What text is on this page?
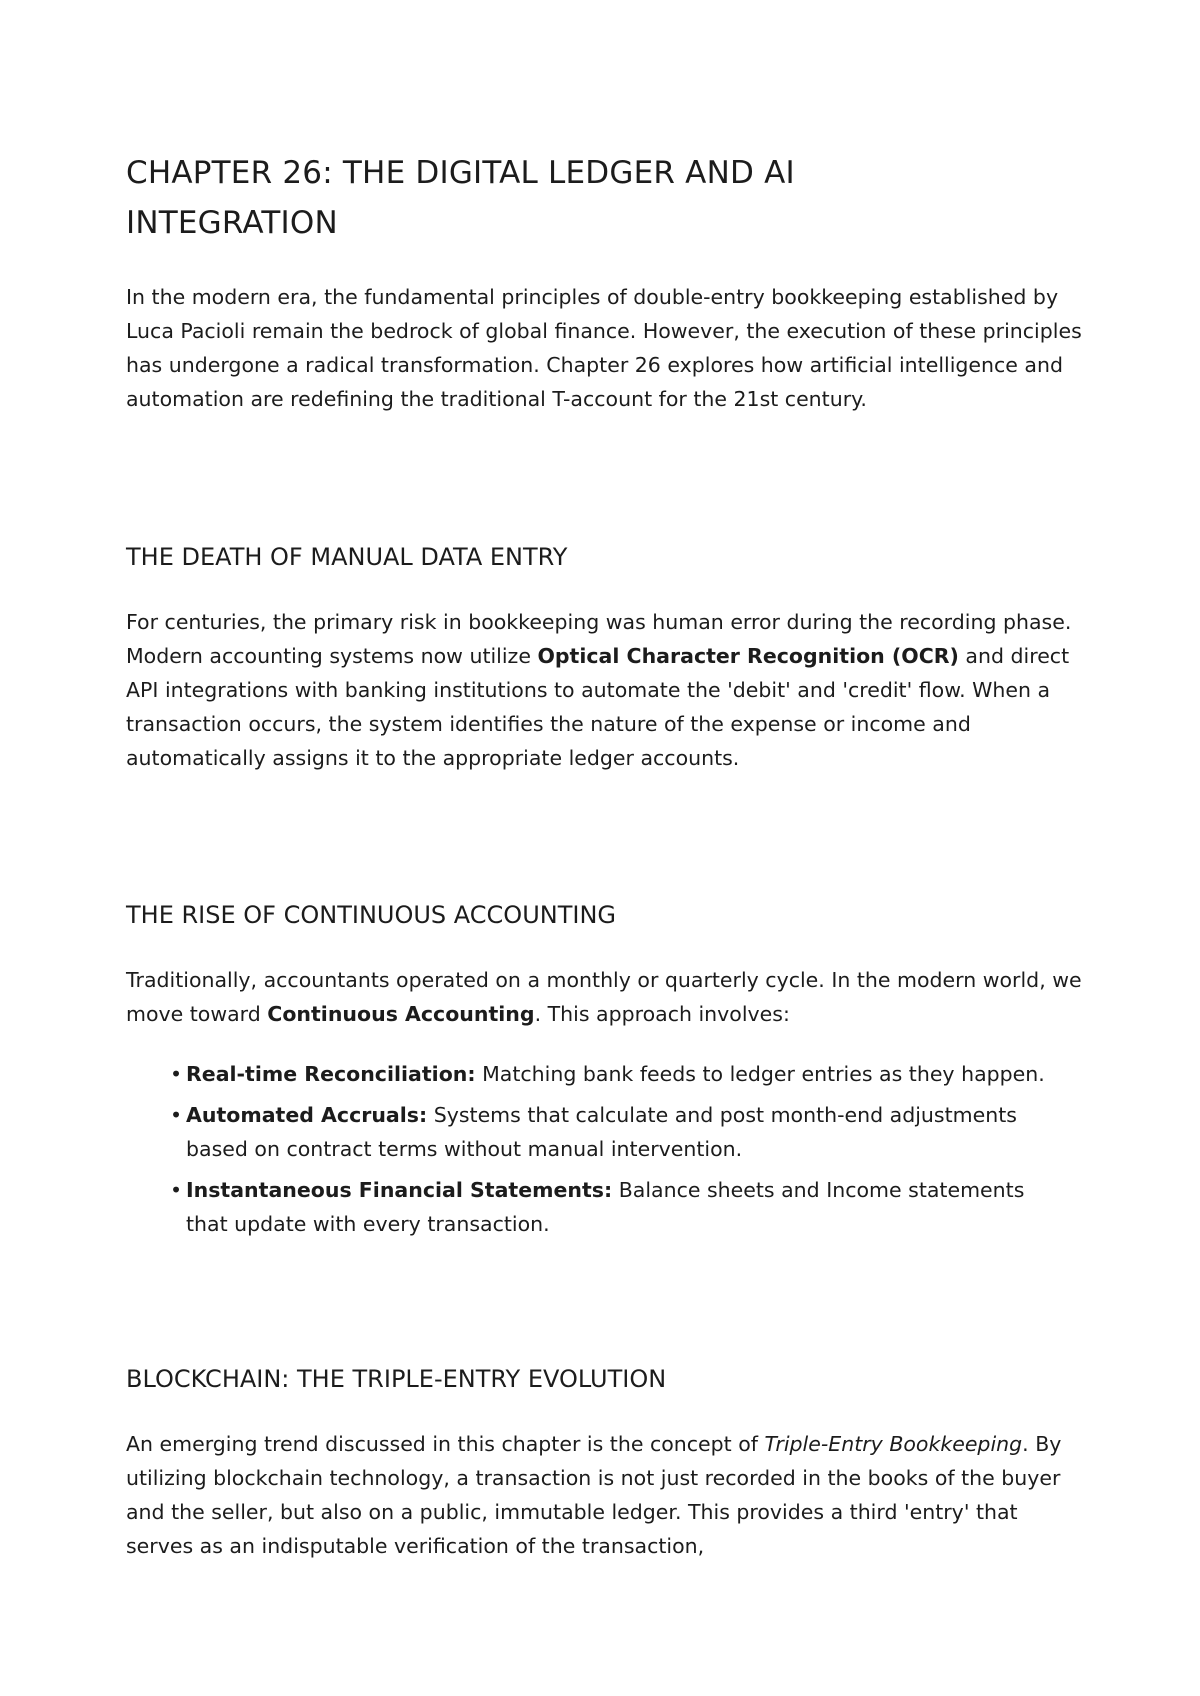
CHAPTER 26: THE DIGITAL LEDGER AND AI
INTEGRATION

In the modern era, the fundamental principles of double-entry bookkeeping established by Luca Pacioli remain the bedrock of global finance. However, the execution of these principles has undergone a radical transformation. Chapter 26 explores how artificial intelligence and automation are redefining the traditional T-account for the 21st century.

THE DEATH OF MANUAL DATA ENTRY

For centuries, the primary risk in bookkeeping was human error during the recording phase. Modern accounting systems now utilize Optical Character Recognition (OCR) and direct API integrations with banking institutions to automate the 'debit' and 'credit' flow. When a transaction occurs, the system identifies the nature of the expense or income and automatically assigns it to the appropriate ledger accounts.

THE RISE OF CONTINUOUS ACCOUNTING

Traditionally, accountants operated on a monthly or quarterly cycle. In the modern world, we move toward Continuous Accounting. This approach involves:

• Real-time Reconciliation: Matching bank feeds to ledger entries as they happen.
• Automated Accruals: Systems that calculate and post month-end adjustments based on contract terms without manual intervention.
• Instantaneous Financial Statements: Balance sheets and Income statements that update with every transaction.
BLOCKCHAIN: THE TRIPLE-ENTRY EVOLUTION

An emerging trend discussed in this chapter is the concept of Triple-Entry Bookkeeping. By utilizing blockchain technology, a transaction is not just recorded in the books of the buyer and the seller, but also on a public, immutable ledger. This provides a third 'entry' that serves as an indisputable verification of the transaction,
